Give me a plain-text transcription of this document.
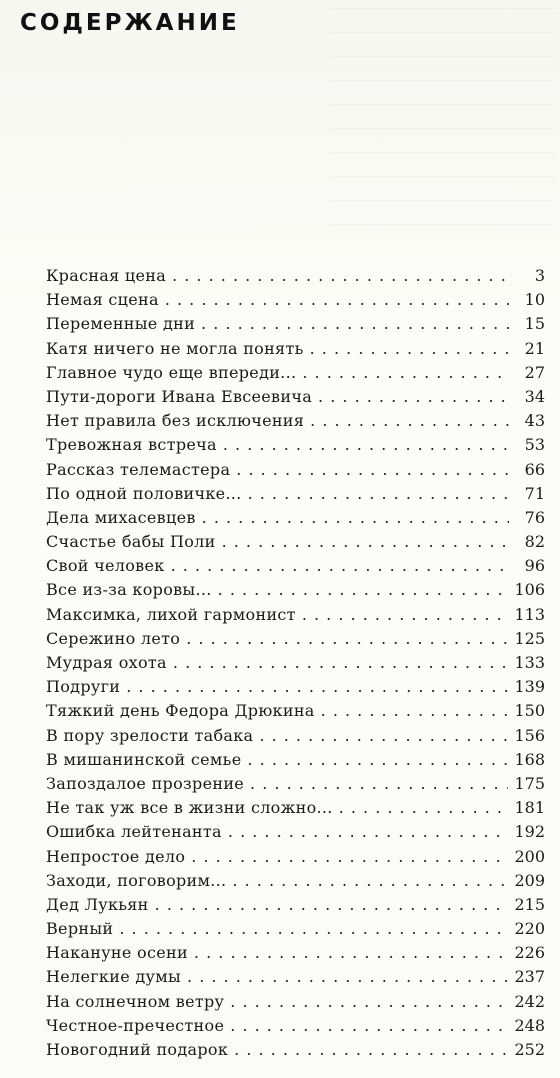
СОДЕРЖАНИЕ
Красная цена . . .	3
Немая сцена . . .	10
Переменные дни . . .	15
Катя ничего не могла понять . . .	21
Главное чудо еще впереди... . . .	27
Пути-дороги Ивана Евсеевича . . .	34
Нет правила без исключения . . .	43
Тревожная встреча . . .	53
Рассказ телемастера . . .	66
По одной половичке... . . .	71
Дела михасевцев . . .	76
Счастье бабы Поли . . .	82
Свой человек . . .	96
Все из-за коровы... . . .	106
Максимка, лихой гармонист . . .	113
Сережино лето . . .	125
Мудрая охота . . .	133
Подруги . . .	139
Тяжкий день Федора Дрюкина . . .	150
В пору зрелости табака . . .	156
В мишанинской семье . . .	168
Запоздалое прозрение . . .	175
Не так уж все в жизни сложно... . . .	181
Ошибка лейтенанта . . .	192
Непростое дело . . .	200
Заходи, поговорим... . . .	209
Дед Лукьян . . .	215
Верный . . .	220
Накануне осени . . .	226
Нелегкие думы . . .	237
На солнечном ветру . . .	242
Честное-пречестное . . .	248
Новогодний подарок . . .	252
